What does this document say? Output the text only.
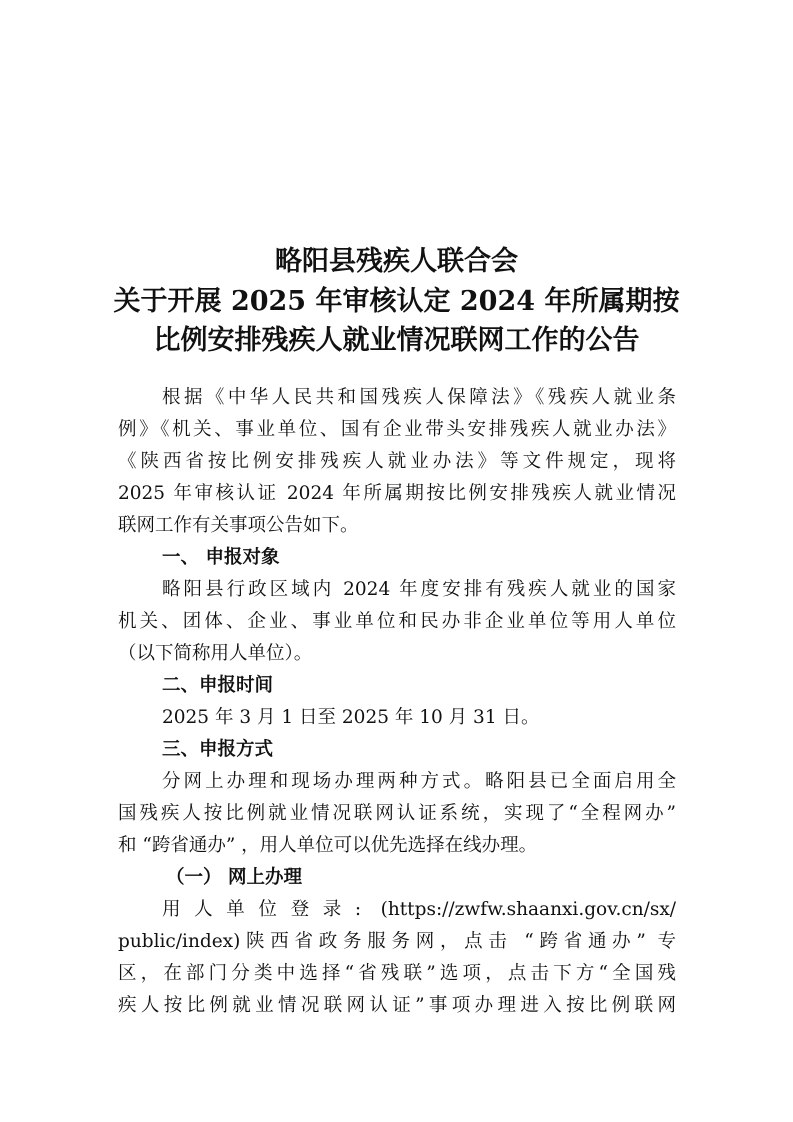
略阳县残疾人联合会
关于开展 2025 年审核认定 2024 年所属期按
比例安排残疾人就业情况联网工作的公告
根据《中华人民共和国残疾人保障法》《残疾人就业条
例》《机关、事业单位、国有企业带头安排残疾人就业办法》
《陕西省按比例安排残疾人就业办法》等文件规定，现将
2025 年审核认证 2024 年所属期按比例安排残疾人就业情况
联网工作有关事项公告如下。
一、 申报对象
略阳县行政区域内 2024 年度安排有残疾人就业的国家
机关、团体、企业、事业单位和民办非企业单位等用人单位
（以下简称用人单位）。
二、申报时间
2025 年 3 月 1 日至 2025 年 10 月 31 日。
三、申报方式
分网上办理和现场办理两种方式。略阳县已全面启用全
国残疾人按比例就业情况联网认证系统，实现了“全程网办”
和 “跨省通办” ，用人单位可以优先选择在线办理。
（一） 网上办理
用人单位登录: (https://zwfw.shaanxi.gov.cn/sx/
public/index)陕西省政务服务网，点击 “跨省通办” 专
区，在部门分类中选择“省残联”选项，点击下方“全国残
疾人按比例就业情况联网认证”事项办理进入按比例联网
